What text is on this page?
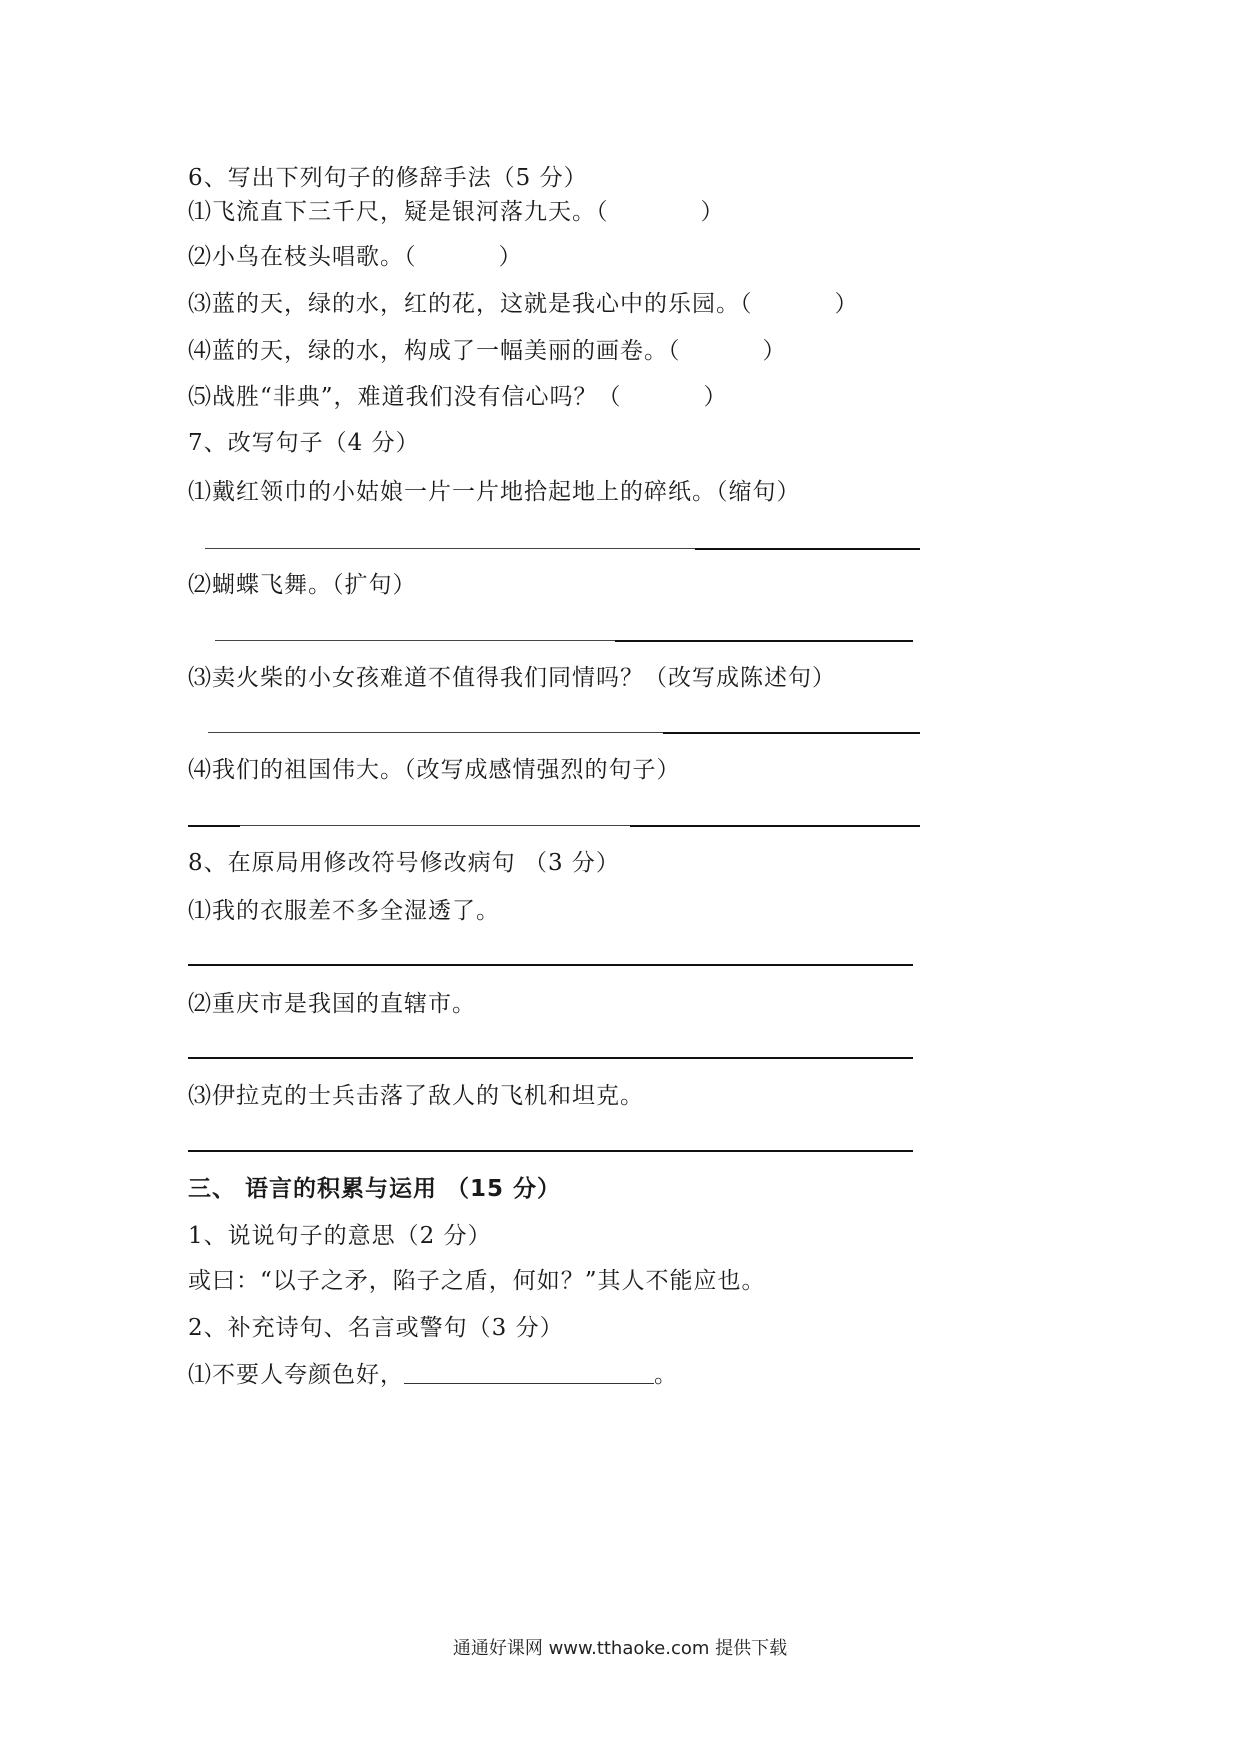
6、写出下列句子的修辞手法（5 分）
⑴飞流直下三千尺，疑是银河落九天。（	）
⑵小鸟在枝头唱歌。（	）
⑶蓝的天，绿的水，红的花，这就是我心中的乐园。（	）
⑷蓝的天，绿的水，构成了一幅美丽的画卷。（	）
⑸战胜“非典”，难道我们没有信心吗？（	）
7、改写句子（4 分）
⑴戴红领巾的小姑娘一片一片地拾起地上的碎纸。（缩句）
⑵蝴蝶飞舞。（扩句）
⑶卖火柴的小女孩难道不值得我们同情吗？（改写成陈述句）
⑷我们的祖国伟大。（改写成感情强烈的句子）
8、在原局用修改符号修改病句 （3 分）
⑴我的衣服差不多全湿透了。
⑵重庆市是我国的直辖市。
⑶伊拉克的士兵击落了敌人的飞机和坦克。
三、 语言的积累与运用 （15 分）
1、说说句子的意思（2 分）
或曰：“以子之矛，陷子之盾，何如？”其人不能应也。
2、补充诗句、名言或警句（3 分）
⑴不要人夸颜色好，	。
通通好课网 www.tthaoke.com 提供下载
